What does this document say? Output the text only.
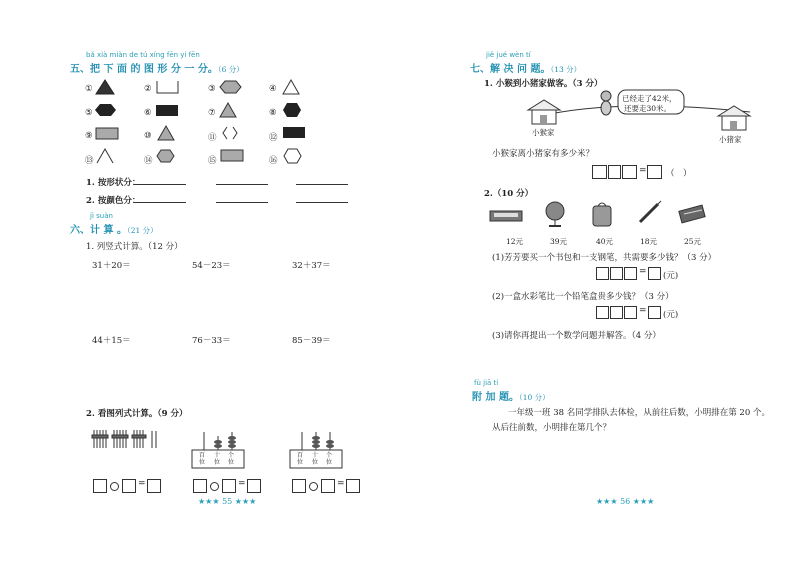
bǎ xià miàn de tú xíng fēn yi fēn
五、把 下 面 的 图 形 分 一 分。（6 分）
①	②	③	④
⑤	⑥	⑦	⑧
⑨	⑩	⑪	⑫
⑬	⑭	⑮	⑯
1. 按形状分：
2. 按颜色分：
jì suàn
六、计 算 。（21 分）
1. 列竖式计算。（12 分）
31＋20＝	54－23＝	32＋37＝
44＋15＝	76－33＝	85－39＝
2. 看图列式计算。（9 分）
百
位
十
位
个
位
百
位
十
位
个
位
=	=	=
★★★ 55 ★★★
jiě jué wèn tí
七、解 决 问 题。（13 分）
1. 小猴到小猪家做客。（3 分）
已经走了42米，
还要走30米。
小猴家
小猪家
小猴家离小猪家有多少米？
= （　）
2.（10 分）
12元	39元	40元	18元	25元
(1)芳芳要买一个书包和一支钢笔，共需要多少钱？（3 分）
= (元)
(2)一盒水彩笔比一个铅笔盒贵多少钱？（3 分）
= (元)
(3)请你再提出一个数学问题并解答。（4 分）
fù jiā tí
附 加 题。（10 分）
一年级一班 38 名同学排队去体检，从前往后数，小明排在第 20 个。
从后往前数，小明排在第几个？
★★★ 56 ★★★
